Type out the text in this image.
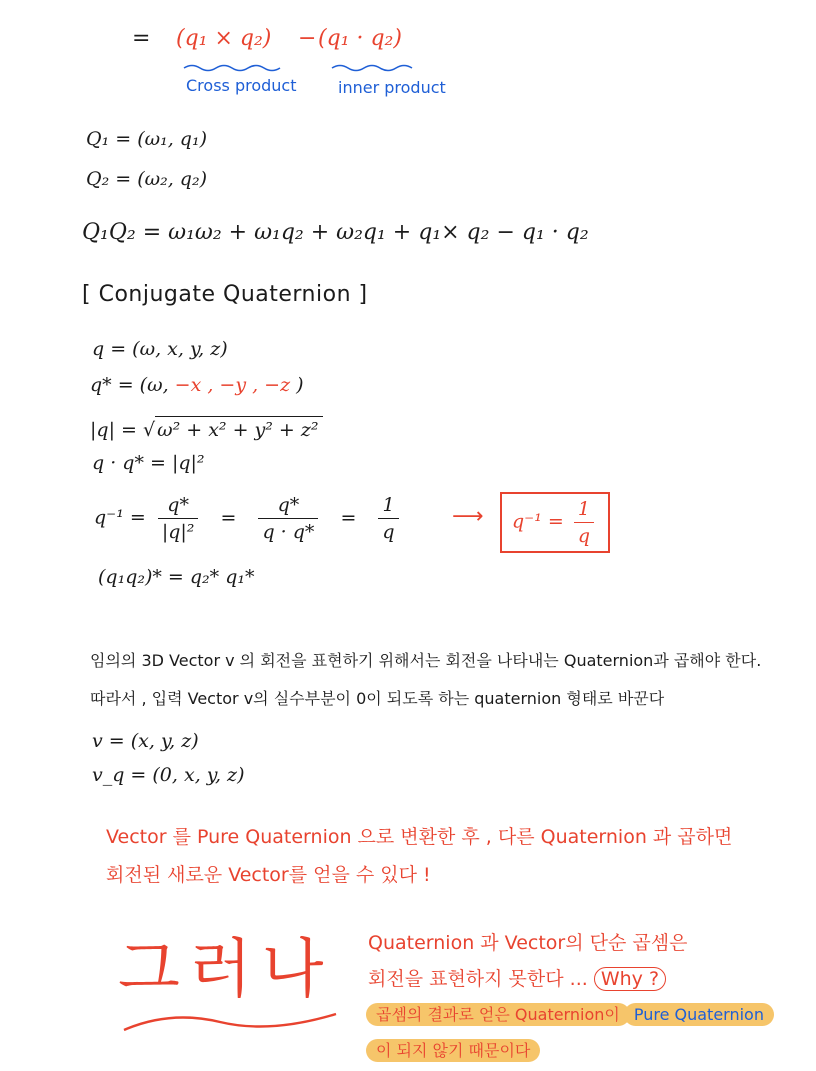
= (q₁ × q₂) − (q₁ · q₂)
Cross product	inner product
Q₁ = (ω₁, q₁)
Q₂ = (ω₂, q₂)
Q₁Q₂ = ω₁ω₂ + ω₁q₂ + ω₂q₁ + q₁× q₂ − q₁ · q₂
[ Conjugate Quaternion ]
q = (ω, x, y, z)
q* = (ω, −x , −y , −z )
|q| = √ ω² + x² + y² + z²
q · q* = |q|²
$q^{-1} = \frac{q*}{\text{|q|²}} = \frac{q*}{q \cdot q*} = \frac{1}{q}$ ⟶	$q^{-1} = \frac{1}{q}$
(q₁q₂)* = q₂* q₁*
임의의 3D Vector v 의 회전을 표현하기 위해서는 회전을 나타내는 Quaternion과 곱해야 한다.
따라서 , 입력 Vector v의 실수부분이 0이 되도록 하는 quaternion 형태로 바꾼다
v = (x, y, z)
v_q = (0, x, y, z)
Vector 를 Pure Quaternion 으로 변환한 후 , 다른 Quaternion 과 곱하면
회전된 새로운 Vector를 얻을 수 있다 !
그러나 Quaternion 과 Vector의 단순 곱셈은
회전을 표현하지 못한다 ... Why ?
곱셈의 결과로 얻은 Quaternion이 Pure Quaternion
이 되지 않기 때문이다
